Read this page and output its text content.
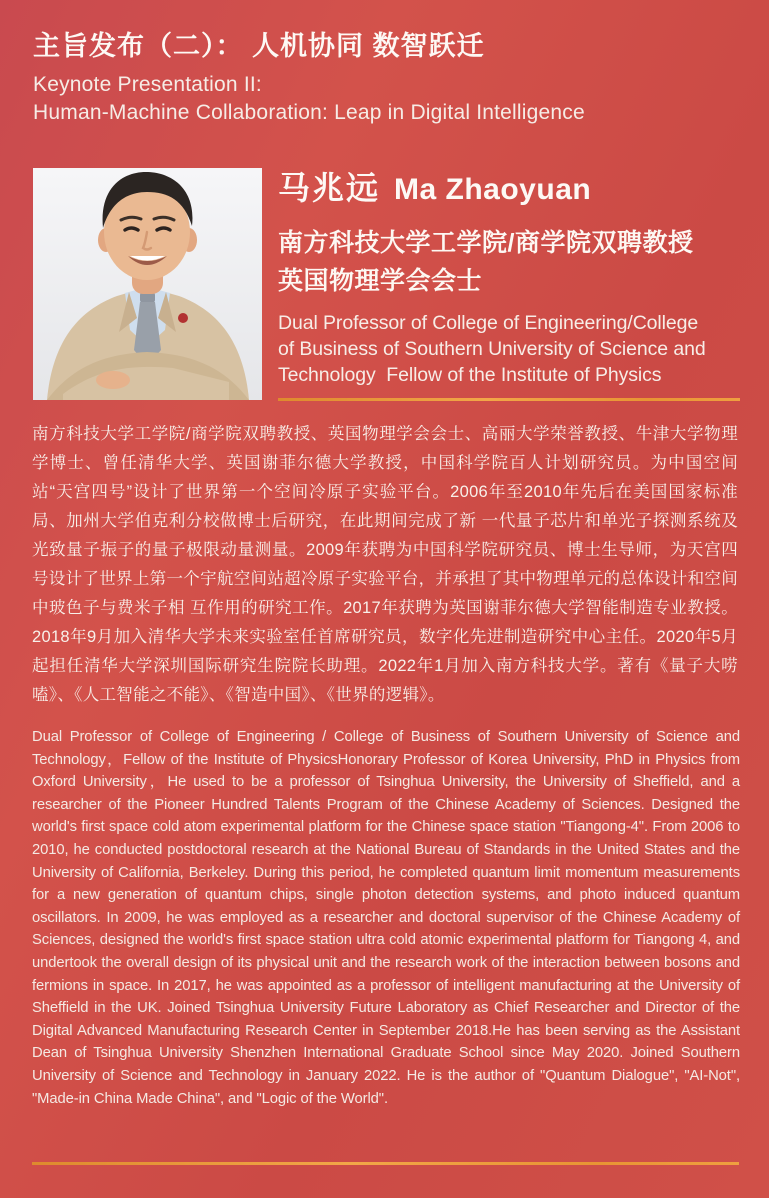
主旨发布（二）： 人机协同 数智跃迁
Keynote Presentation II:
Human-Machine Collaboration: Leap in Digital Intelligence
马兆远 Ma Zhaoyuan
南方科技大学工学院/商学院双聘教授
英国物理学会会士
Dual Professor of College of Engineering/College
of Business of Southern University of Science and
Technology  Fellow of the Institute of Physics

南方科技大学工学院/商学院双聘教授、英国物理学会会士、高丽大学荣誉教授、牛津大学物理学博士、曾任清华大学、英国谢菲尔德大学教授，中国科学院百人计划研究员。为中国空间站“天宫四号”设计了世界第一个空间冷原子实验平台。2006年至2010年先后在美国国家标准局、加州大学伯克利分校做博士后研究，在此期间完成了新 一代量子芯片和单光子探测系统及光致量子振子的量子极限动量测量。2009年获聘为中国科学院研究员、博士生导师，为天宫四号设计了世界上第一个宇航空间站超冷原子实验平台，并承担了其中物理单元的总体设计和空间中玻色子与费米子相 互作用的研究工作。2017年获聘为英国谢菲尔德大学智能制造专业教授。2018年9月加入清华大学未来实验室任首席研究员，数字化先进制造研究中心主任。2020年5月起担任清华大学深圳国际研究生院院长助理。2022年1月加入南方科技大学。著有《量子大唠嗑》、《人工智能之不能》、《智造中国》、《世界的逻辑》。

Dual Professor of College of Engineering / College of Business of Southern University of Science and Technology，Fellow of the Institute of PhysicsHonorary Professor of Korea University, PhD in Physics from Oxford University，He used to be a professor of Tsinghua University, the University of Sheffield, and a researcher of the Pioneer Hundred Talents Program of the Chinese Academy of Sciences. Designed the world's first space cold atom experimental platform for the Chinese space station "Tiangong-4". From 2006 to 2010, he conducted postdoctoral research at the National Bureau of Standards in the United States and the University of California, Berkeley. During this period, he completed quantum limit momentum measurements for a new generation of quantum chips, single photon detection systems, and photo induced quantum oscillators. In 2009, he was employed as a researcher and doctoral supervisor of the Chinese Academy of Sciences, designed the world's first space station ultra cold atomic experimental platform for Tiangong 4, and undertook the overall design of its physical unit and the research work of the interaction between bosons and fermions in space. In 2017, he was appointed as a professor of intelligent manufacturing at the University of Sheffield in the UK. Joined Tsinghua University Future Laboratory as Chief Researcher and Director of the Digital Advanced Manufacturing Research Center in September 2018.He has been serving as the Assistant Dean of Tsinghua University Shenzhen International Graduate School since May 2020. Joined Southern University of Science and Technology in January 2022. He is the author of "Quantum Dialogue", "AI-Not", "Made-in China Made China", and "Logic of the World".
